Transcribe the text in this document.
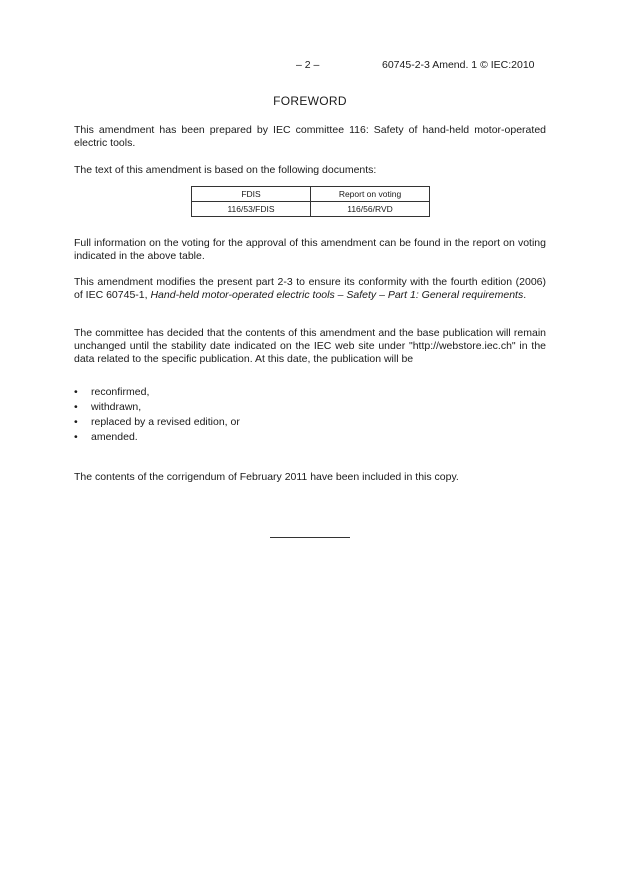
– 2 –	60745-2-3 Amend. 1 © IEC:2010
FOREWORD

This amendment has been prepared by IEC committee 116: Safety of hand-held motor-operated electric tools.

The text of this amendment is based on the following documents:

FDIS	Report on voting
116/53/FDIS	116/56/RVD

Full information on the voting for the approval of this amendment can be found in the report on voting indicated in the above table.

This amendment modifies the present part 2-3 to ensure its conformity with the fourth edition (2006) of IEC 60745-1, Hand-held motor-operated electric tools – Safety – Part 1: General requirements.

The committee has decided that the contents of this amendment and the base publication will remain unchanged until the stability date indicated on the IEC web site under "http://webstore.iec.ch" in the data related to the specific publication. At this date, the publication will be

• reconfirmed,
• withdrawn,
• replaced by a revised edition, or
• amended.

The contents of the corrigendum of February 2011 have been included in this copy.
